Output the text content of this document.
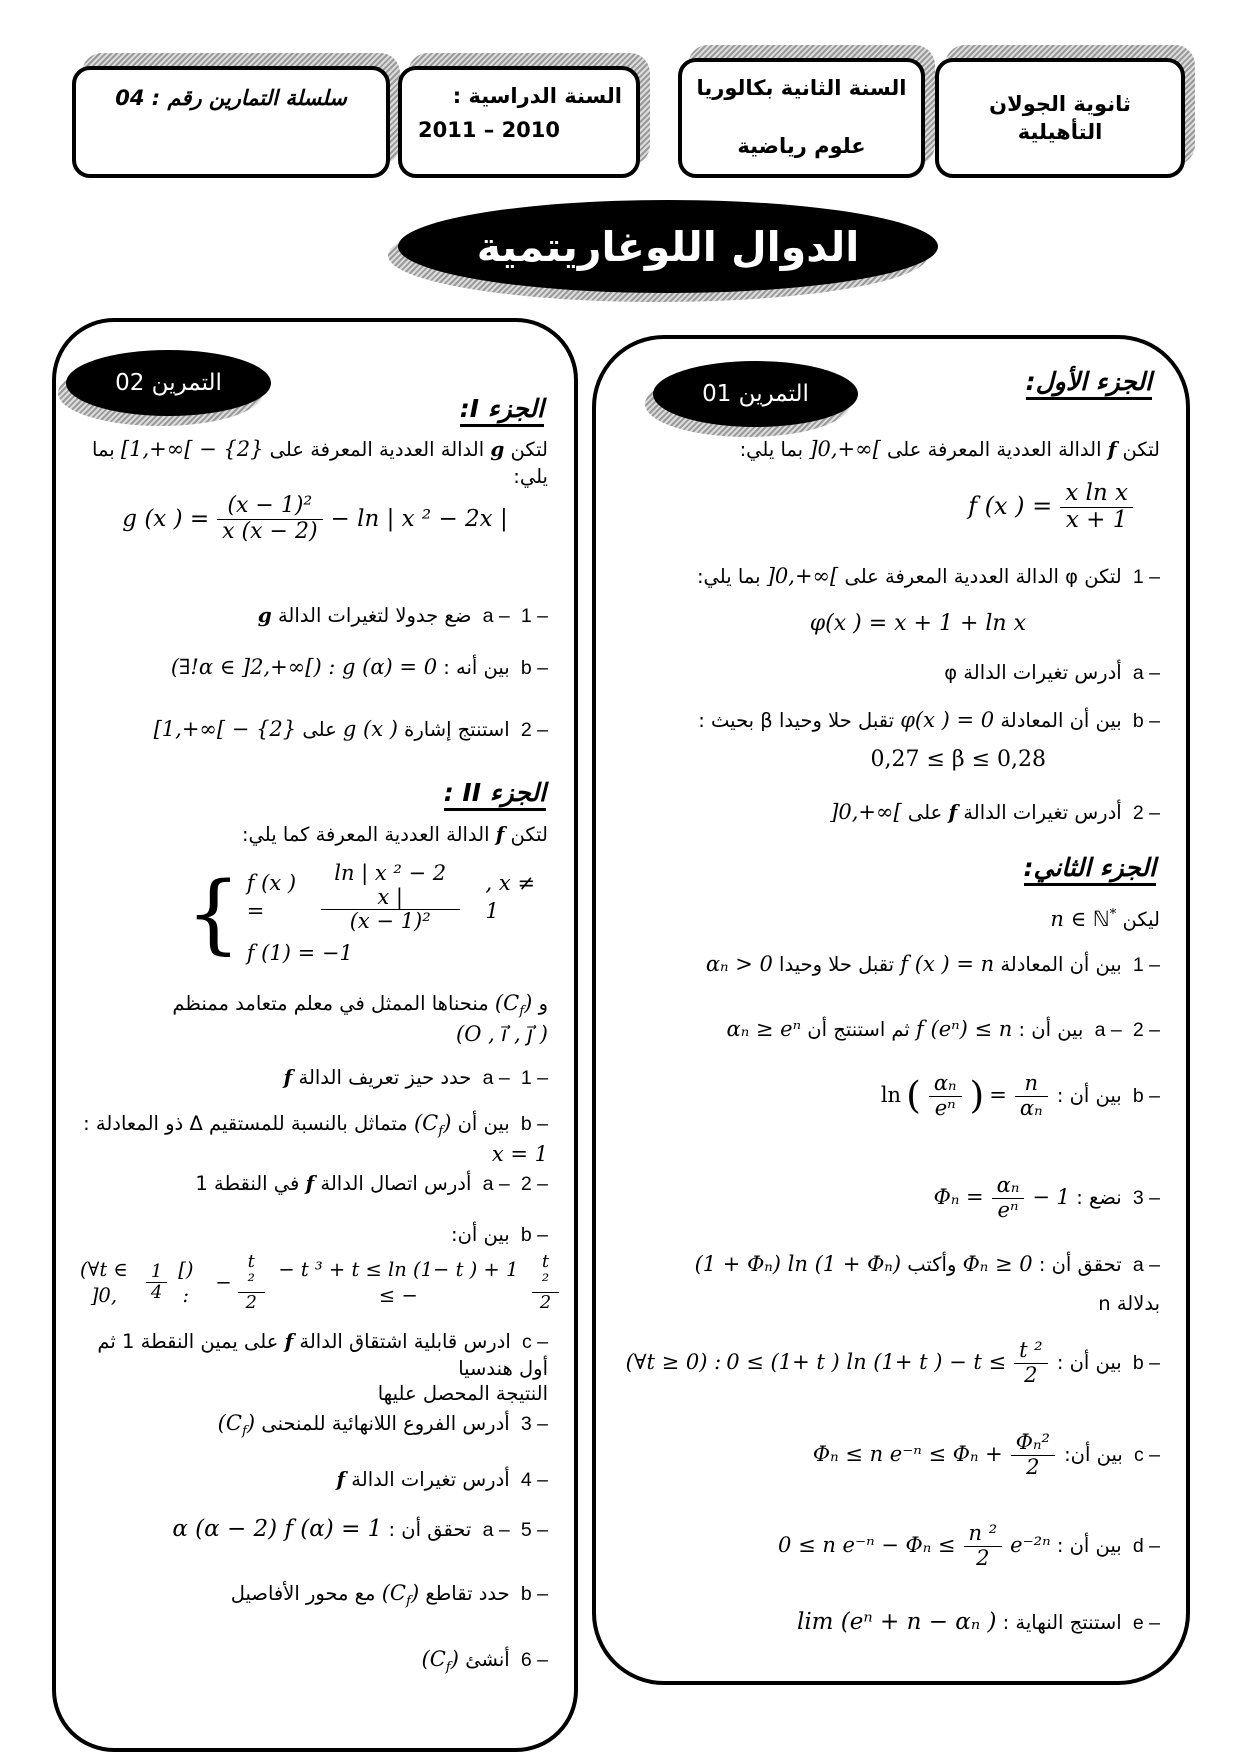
سلسلة التمارين رقم : 04	السنة الدراسية :
2011 – 2010
السنة الثانية بكالوريا
علوم رياضية
ثانوية الجولان
التأهيلية
الدوال اللوغاريتمية
التمرين 01	الجزء الأول:
لتكن f الدالة العددية المعرفة على ]0,+∞[ بما يلي:
f (x ) = $\frac{\text{x ln x}}{x + 1}$
1 – لتكن φ الدالة العددية المعرفة على ]0,+∞[ بما يلي:
φ(x ) = x + 1 + ln x
a – أدرس تغيرات الدالة φ
b – بين أن المعادلة φ(x ) = 0 تقبل حلا وحيدا β بحيث :
0,27 ≤ β ≤ 0,28
2 – أدرس تغيرات الدالة f على ]0,+∞[
الجزء الثاني:
ليكن n ∈ ℕ*
1 – بين أن المعادلة f (x ) = n تقبل حلا وحيدا αₙ > 0
2 – a – بين أن : f (eⁿ) ≤ n ثم استنتج أن αₙ ≥ eⁿ
b – بين أن :
ln ( $\frac{\text{αₙ}}{\text{eⁿ}}$ ) = $\frac{n}{\text{αₙ}}$
3 – نضع :
$\Phi_n = \frac{\text{αₙ}}{\text{eⁿ}} - 1$
a – تحقق أن : Φₙ ≥ 0 وأكتب (1 + Φₙ) ln (1 + Φₙ)
بدلالة n
b – بين أن :
(∀t ≥ 0) : 0 ≤ (1+ t ) ln (1+ t ) − $t \le \frac{\text{t ²}}{2}$
c – بين أن:
Φₙ ≤ n $e^{-n} \le \Phi_n + \frac{\text{Φₙ²}}{2}$
d – بين أن :
0 ≤ n $e^{-n} - \Phi_n \le \frac{\text{n ²}}{2} e^{-2n}$
e – استنتج النهاية : lim (eⁿ + n − αₙ )
التمرين 02
الجزء I:
لتكن g الدالة العددية المعرفة على [1,+∞[ − {2} بما يلي:
g (x ) = $\frac{\text{(x − 1)²}}{x (x - 2)} - \ln$ | x ² − 2x |
1 – a – ضع جدولا لتغيرات الدالة g
b – بين أنه : (∃!α ∈ ]2,+∞[) : g (α) = 0
2 – استنتج إشارة g (x ) على [1,+∞[ − {2}
الجزء II :
لتكن f الدالة العددية المعرفة كما يلي:
{ f (x ) =	$\frac{\text{ln | x ² − 2 x |}}{\text{(x − 1)²}}$ , x ≠ 1
f (1) = −1
و $(C_f)$ منحناها الممثل في معلم متعامد ممنظم (O , i⃗ , j⃗ )
1 – a – حدد حيز تعريف الدالة f
b – بين أن $(C_f)$ متماثل بالنسبة للمستقيم Δ ذو المعادلة : x = 1
2 – a – أدرس اتصال الدالة f في النقطة 1
b – بين أن:
(∀t ∈ ]0,	$\frac{1}{4}$ [) :
− $\frac{\text{t ²}}{2} - t$ ³ + t ≤ ln (1− t ) + 1 ≤ −	$\frac{\text{t ²}}{2}$
c – ادرس قابلية اشتقاق الدالة f على يمين النقطة 1 ثم أول هندسيا
النتيجة المحصل عليها
3 – أدرس الفروع اللانهائية للمنحنى $(C_f)$
4 – أدرس تغيرات الدالة f
5 – a – تحقق أن : α (α − 2) f (α) = 1
b – حدد تقاطع $(C_f)$ مع محور الأفاصيل
6 – أنشئ $(C_f)$
